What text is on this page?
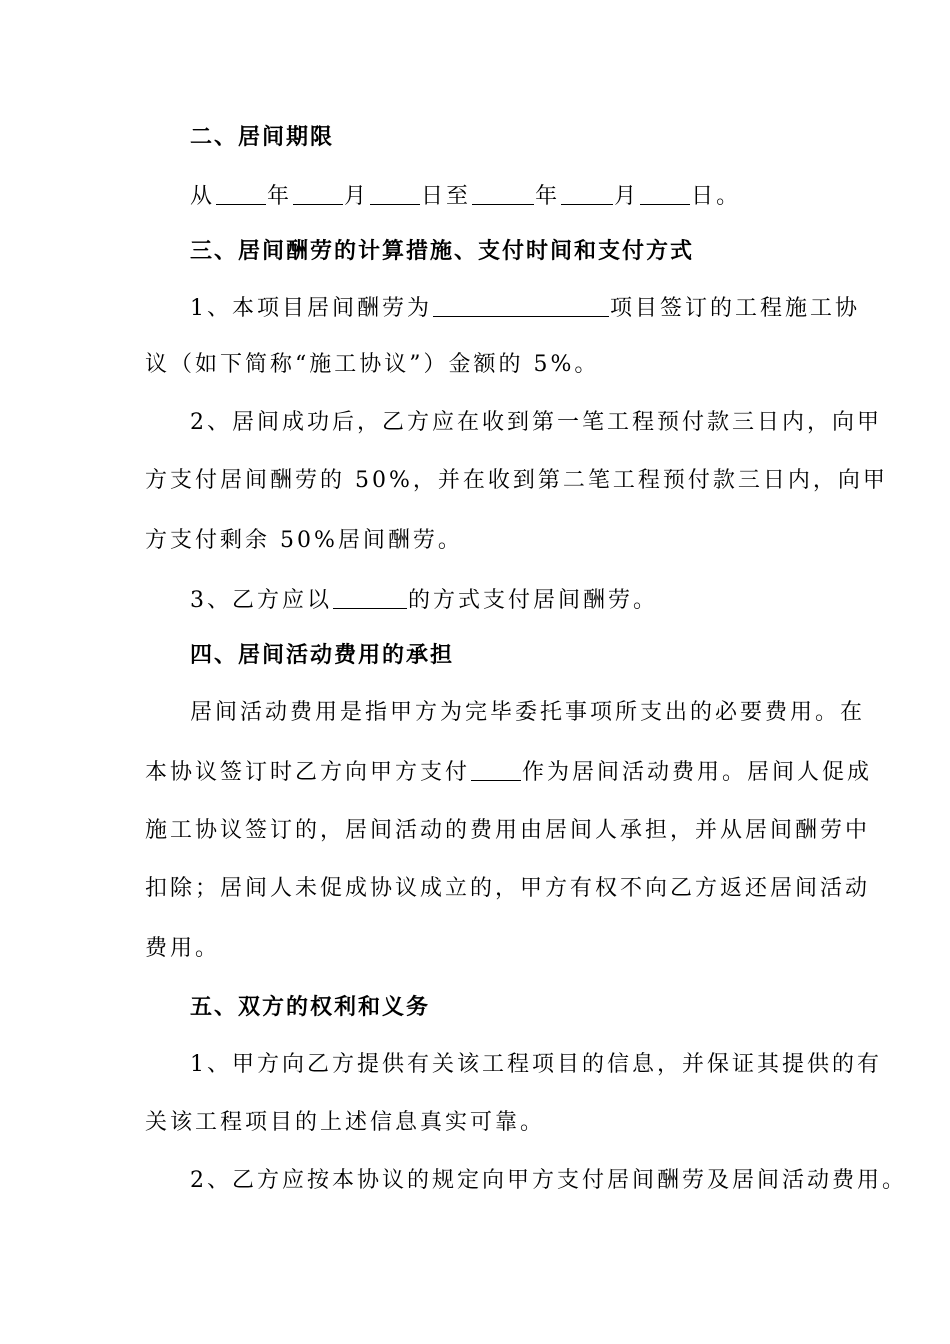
二、居间期限
从 年 月 日至	年 月 日。
三、居间酬劳的计算措施、支付时间和支付方式
1、本项目居间酬劳为	项目签订的工程施工协
议（如下简称“施工协议”）金额的 5%。
2、居间成功后，乙方应在收到第一笔工程预付款三日内，向甲
方支付居间酬劳的 50%，并在收到第二笔工程预付款三日内，向甲
方支付剩余 50%居间酬劳。
3、乙方应以	的方式支付居间酬劳。
四、居间活动费用的承担
居间活动费用是指甲方为完毕委托事项所支出的必要费用。在
本协议签订时乙方向甲方支付 作为居间活动费用。居间人促成
施工协议签订的，居间活动的费用由居间人承担，并从居间酬劳中
扣除；居间人未促成协议成立的，甲方有权不向乙方返还居间活动
费用。
五、双方的权利和义务
1、甲方向乙方提供有关该工程项目的信息，并保证其提供的有
关该工程项目的上述信息真实可靠。
2、乙方应按本协议的规定向甲方支付居间酬劳及居间活动费用。
